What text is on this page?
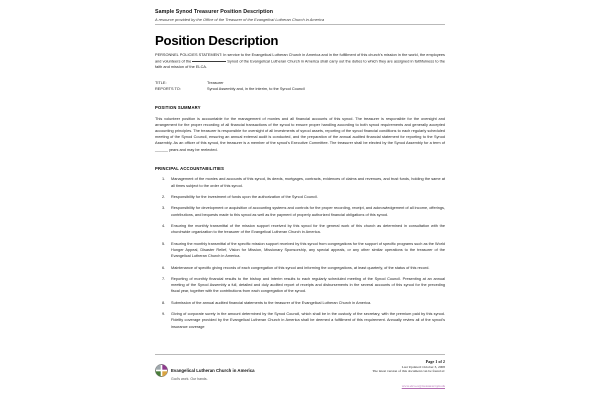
Sample Synod Treasurer Position Description
A resource provided by the Office of the Treasurer of the Evangelical Lutheran Church in America
Position Description

PERSONNEL POLICIES STATEMENT: In service to the Evangelical Lutheran Church in America and in the fulfillment of this church's mission in the world, the employees and volunteers of the	Synod of the Evangelical Lutheran Church in America shall carry out the duties to which they are assigned in faithfulness to the faith and mission of the ELCA.

TITLE:	Treasurer
REPORTS TO:	Synod Assembly and, in the interim, to the Synod Council
POSITION SUMMARY

This volunteer position is accountable for the management of monies and all financial accounts of this synod. The treasurer is responsible for the oversight and arrangement for the proper recording of all financial transactions of the synod to ensure proper handling according to both synod requirements and generally accepted accounting principles. The treasurer is responsible for oversight of all investments of synod assets, reporting of the synod financial conditions to each regularly scheduled meeting of the Synod Council, ensuring an annual external audit is conducted, and the preparation of the annual audited financial statement for reporting to the Synod Assembly. As an officer of this synod, the treasurer is a member of the synod's Executive Committee. The treasurer shall be elected by the Synod Assembly for a term of ______ years and may be reelected.

PRINCIPAL ACCOUNTABILITIES
1.	Management of the monies and accounts of this synod, its deeds, mortgages, contracts, evidences of claims and revenues, and trust funds, holding the same at all times subject to the order of this synod.
2.	Responsibility for the investment of funds upon the authorization of the Synod Council.
3.	Responsibility for development or acquisition of accounting systems and controls for the proper recording, receipt, and acknowledgement of all income, offerings, contributions, and bequests made to this synod as well as the payment of properly authorized financial obligations of this synod.
4.	Ensuring the monthly transmittal of the mission support received by this synod for the general work of this church as determined in consultation with the churchwide organization to the treasurer of the Evangelical Lutheran Church in America.
5.	Ensuring the monthly transmittal of the specific mission support received by this synod from congregations for the support of specific programs such as the World Hunger Appeal, Disaster Relief, Vision for Mission, Missionary Sponsorship, any special appeals, or any other similar operations to the treasurer of the Evangelical Lutheran Church in America.
6.	Maintenance of specific giving records of each congregation of this synod and informing the congregations, at least quarterly, of the status of this record.
7.	Reporting of monthly financial results to the bishop and interim results to each regularly scheduled meeting of the Synod Council. Presenting at an annual meeting of the Synod Assembly a full, detailed and duly audited report of receipts and disbursements in the several accounts of this synod for the preceding fiscal year, together with the contributions from each congregation of the synod.
8.	Submission of the annual audited financial statements to the treasurer of the Evangelical Lutheran Church in America.
9.	Giving of corporate surety in the amount determined by the Synod Council, which shall be in the custody of the secretary, with the premium paid by this synod. Fidelity coverage provided by the Evangelical Lutheran Church in America shall be deemed a fulfillment of this requirement. Annually review all of the synod's insurance coverage
Evangelical Lutheran Church in America
God's work. Our hands.
Page 1 of 2
Last Updated: October 3, 2008
The latest version of this document can be found at:
www.elca.org/treasurer/synods
